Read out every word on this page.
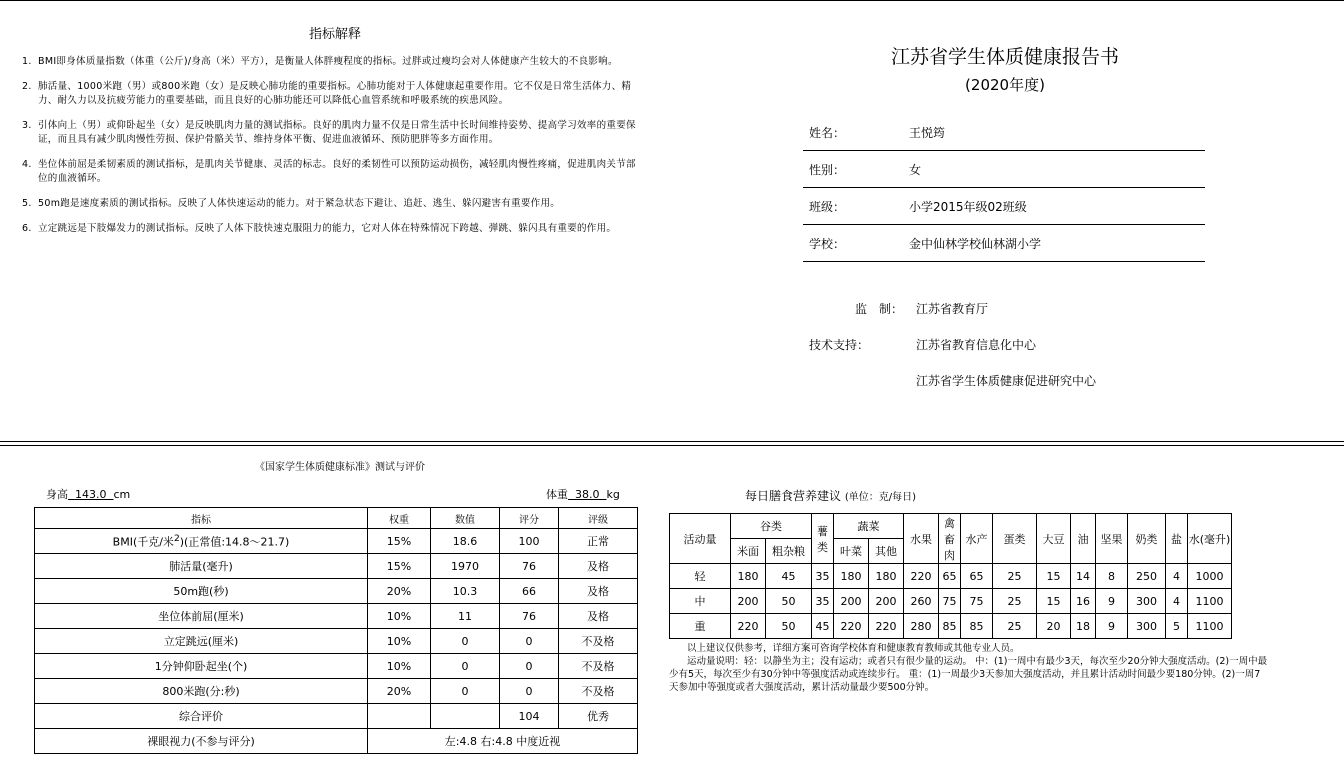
指标解释
1. BMI即身体质量指数（体重（公斤)/身高（米）平方），是衡量人体胖瘦程度的指标。过胖或过瘦均会对人体健康产生较大的不良影响。
2. 肺活量、1000米跑（男）或800米跑（女）是反映心肺功能的重要指标。心肺功能对于人体健康起重要作用。它不仅是日常生活体力、精力、耐久力以及抗疲劳能力的重要基础，而且良好的心肺功能还可以降低心血管系统和呼吸系统的疾患风险。
3. 引体向上（男）或仰卧起坐（女）是反映肌肉力量的测试指标。良好的肌肉力量不仅是日常生活中长时间维持姿势、提高学习效率的重要保证，而且具有减少肌肉慢性劳损、保护骨骼关节、维持身体平衡、促进血液循环、预防肥胖等多方面作用。
4. 坐位体前屈是柔韧素质的测试指标，是肌肉关节健康、灵活的标志。良好的柔韧性可以预防运动损伤，减轻肌肉慢性疼痛，促进肌肉关节部位的血液循环。
5. 50m跑是速度素质的测试指标。反映了人体快速运动的能力。对于紧急状态下避让、追赶、逃生、躲闪避害有重要作用。
6. 立定跳远是下肢爆发力的测试指标。反映了人体下肢快速克服阻力的能力，它对人体在特殊情况下跨越、弹跳、躲闪具有重要的作用。
江苏省学生体质健康报告书
(2020年度)
姓名：	王悦筠
性别：	女
班级：	小学2015年级02班级
学校：	金中仙林学校仙林湖小学
监　制： 江苏省教育厅
技术支持：	江苏省教育信息化中心
江苏省学生体质健康促进研究中心
《国家学生体质健康标准》测试与评价
身高 143.0 cm	体重 38.0 kg
指标	权重	数值	评分	评级
BMI(千克/米$^2$)(正常值:14.8～21.7)	15%	18.6	100	正常
肺活量(毫升)	15%	1970	76	及格
50m跑(秒)	20%	10.3	66	及格
坐位体前屈(厘米)	10%	11	76	及格
立定跳远(厘米)	10%	0	0	不及格
1分钟仰卧起坐(个)	10%	0	0	不及格
800米跑(分:秒)	20%	0	0	不及格
综合评价			104	优秀
裸眼视力(不参与评分)	左:4.8 右:4.8 中度近视			
每日膳食营养建议 (单位：克/每日)
活动量	谷类		薯类	蔬菜		水果	禽畜肉	水产	蛋类	大豆	油	坚果	奶类	盐	水(毫升)
	米面	粗杂粮		叶菜	其他										
轻	180	45	35	180	180	220	65	65	25	15	14	8	250	4	1000
中	200	50	35	200	200	260	75	75	25	15	16	9	300	4	1100
重	220	50	45	220	220	280	85	85	25	20	18	9	300	5	1100

以上建议仅供参考，详细方案可咨询学校体育和健康教育教师或其他专业人员。

运动量说明：轻：以静坐为主；没有运动；或者只有很少量的运动。 中：(1)一周中有最少3天，每次至少20分钟大强度活动。(2)一周中最少有5天，每次至少有30分钟中等强度活动或连续步行。 重：(1)一周最少3天参加大强度活动，并且累计活动时间最少要180分钟。(2)一周7天参加中等强度或者大强度活动，累计活动量最少要500分钟。
